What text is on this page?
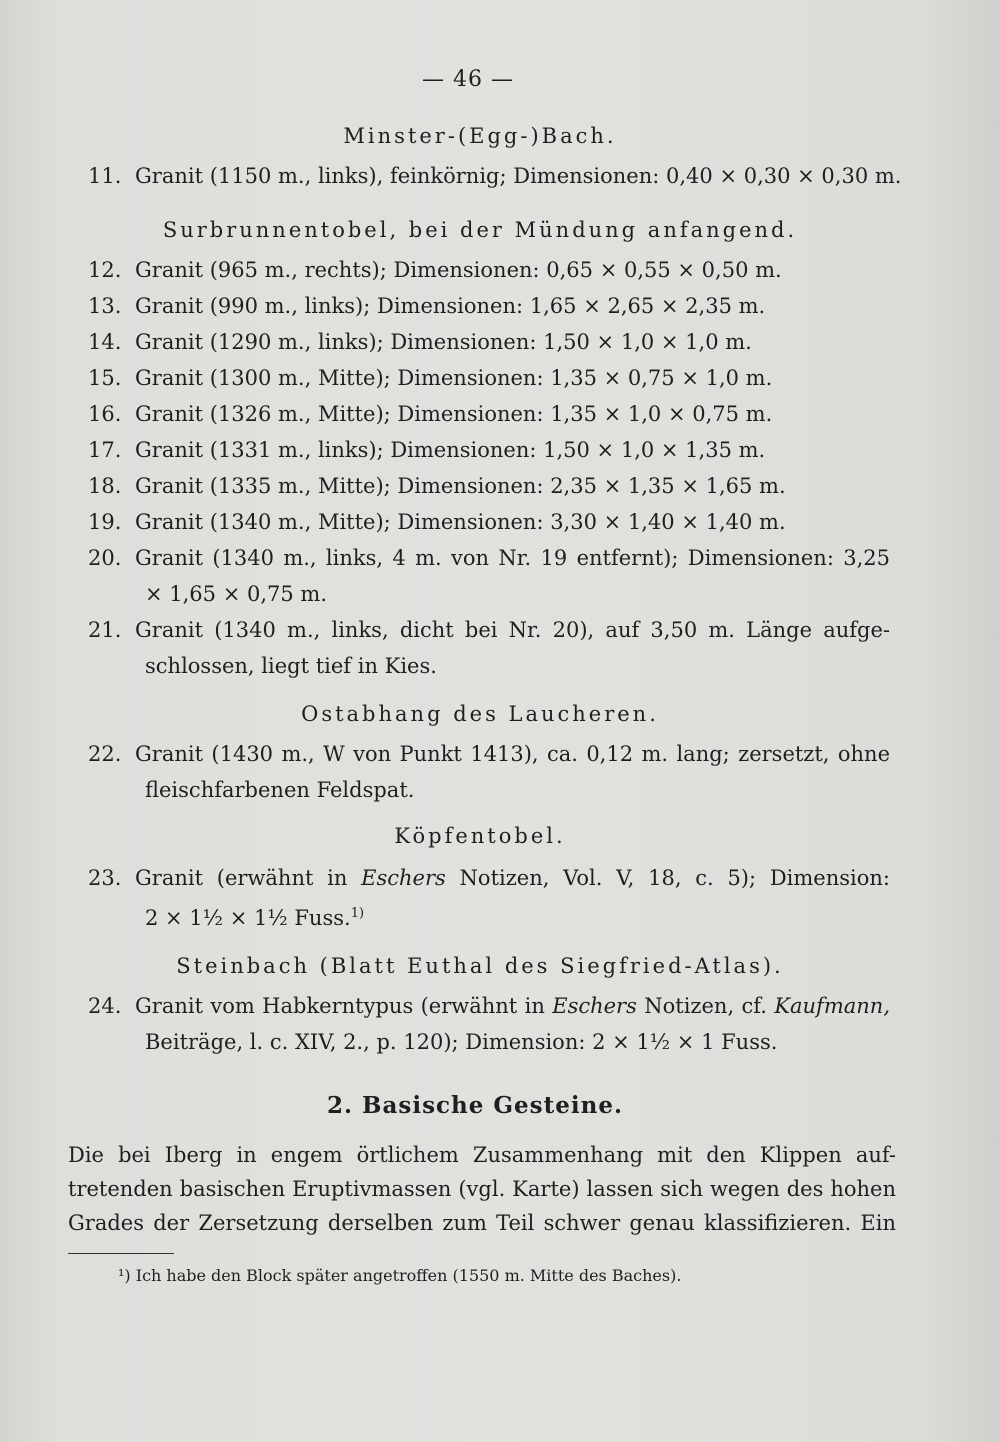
— 46 —
Minster-(Egg-)Bach.
11. Granit (1150 m., links), feinkörnig; Dimensionen: 0,40 × 0,30 × 0,30 m.
Surbrunnentobel, bei der Mündung anfangend.
12. Granit (965 m., rechts); Dimensionen: 0,65 × 0,55 × 0,50 m.
13. Granit (990 m., links); Dimensionen: 1,65 × 2,65 × 2,35 m.
14. Granit (1290 m., links); Dimensionen: 1,50 × 1,0 × 1,0 m.
15. Granit (1300 m., Mitte); Dimensionen: 1,35 × 0,75 × 1,0 m.
16. Granit (1326 m., Mitte); Dimensionen: 1,35 × 1,0 × 0,75 m.
17. Granit (1331 m., links); Dimensionen: 1,50 × 1,0 × 1,35 m.
18. Granit (1335 m., Mitte); Dimensionen: 2,35 × 1,35 × 1,65 m.
19. Granit (1340 m., Mitte); Dimensionen: 3,30 × 1,40 × 1,40 m.
20. Granit (1340 m., links, 4 m. von Nr. 19 entfernt); Dimensionen: 3,25
× 1,65 × 0,75 m.
21. Granit (1340 m., links, dicht bei Nr. 20), auf 3,50 m. Länge aufge-
schlossen, liegt tief in Kies.
Ostabhang des Laucheren.
22. Granit (1430 m., W von Punkt 1413), ca. 0,12 m. lang; zersetzt, ohne
fleischfarbenen Feldspat.
Köpfentobel.
23. Granit (erwähnt in Eschers Notizen, Vol. V, 18, c. 5); Dimension:
2 × 1½ × 1½ Fuss.$^{1)}$
Steinbach (Blatt Euthal des Siegfried-Atlas).
24. Granit vom Habkerntypus (erwähnt in Eschers Notizen, cf. Kaufmann,
Beiträge, l. c. XIV, 2., p. 120); Dimension: 2 × 1½ × 1 Fuss.
2. Basische Gesteine.
Die bei Iberg in engem örtlichem Zusammenhang mit den Klippen auf-
tretenden basischen Eruptivmassen (vgl. Karte) lassen sich wegen des hohen
Grades der Zersetzung derselben zum Teil schwer genau klassifizieren. Ein
¹) Ich habe den Block später angetroffen (1550 m. Mitte des Baches).
